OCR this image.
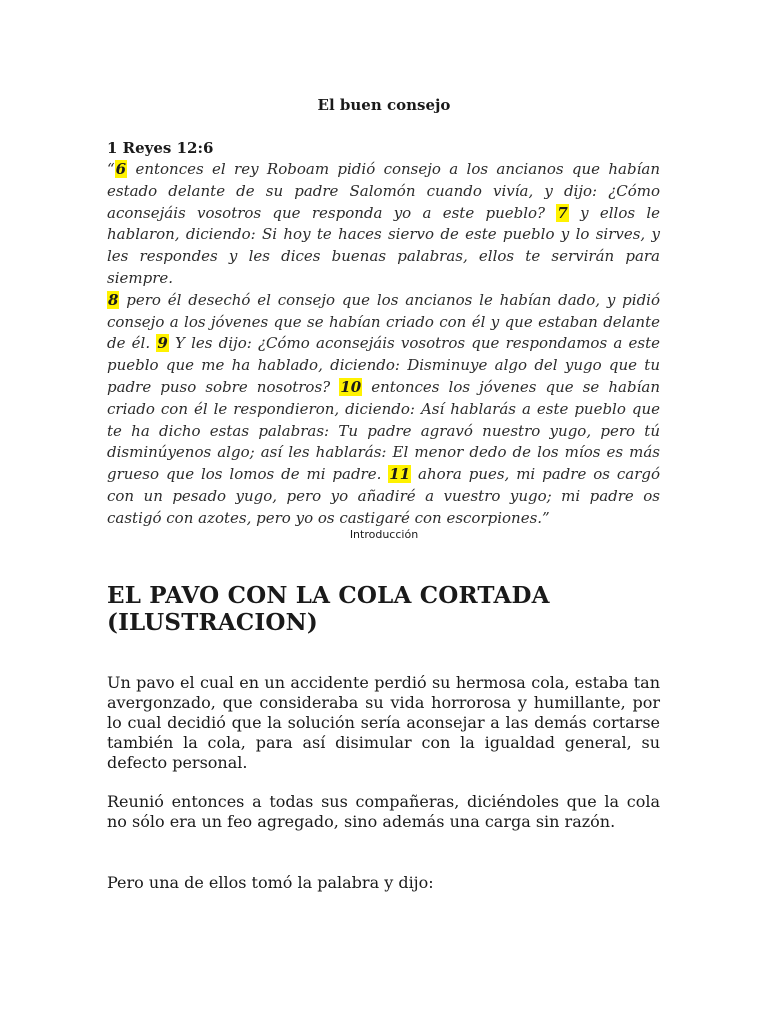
El buen consejo
1 Reyes 12:6

“6 entonces el rey Roboam pidió consejo a los ancianos que habían estado delante de su padre Salomón cuando vivía, y dijo: ¿Cómo aconsejáis vosotros que responda yo a este pueblo? 7 y ellos le hablaron, diciendo: Si hoy te haces siervo de este pueblo y lo sirves, y les respondes y les dices buenas palabras, ellos te servirán para siempre.

8 pero él desechó el consejo que los ancianos le habían dado, y pidió consejo a los jóvenes que se habían criado con él y que estaban delante de él. 9 Y les dijo: ¿Cómo aconsejáis vosotros que respondamos a este pueblo que me ha hablado, diciendo: Disminuye algo del yugo que tu padre puso sobre nosotros? 10 entonces los jóvenes que se habían criado con él le respondieron, diciendo: Así hablarás a este pueblo que te ha dicho estas palabras: Tu padre agravó nuestro yugo, pero tú disminúyenos algo; así les hablarás: El menor dedo de los míos es más grueso que los lomos de mi padre. 11 ahora pues, mi padre os cargó con un pesado yugo, pero yo añadiré a vuestro yugo; mi padre os castigó con azotes, pero yo os castigaré con escorpiones.”

Introducción
EL PAVO CON LA COLA CORTADA (ILUSTRACION)

Un pavo el cual en un accidente perdió su hermosa cola, estaba tan avergonzado, que consideraba su vida horrorosa y humillante, por lo cual decidió que la solución sería aconsejar a las demás cortarse también la cola, para así disimular con la igualdad general, su defecto personal.

Reunió entonces a todas sus compañeras, diciéndoles que la cola no sólo era un feo agregado, sino además una carga sin razón.

Pero una de ellos tomó la palabra y dijo:
